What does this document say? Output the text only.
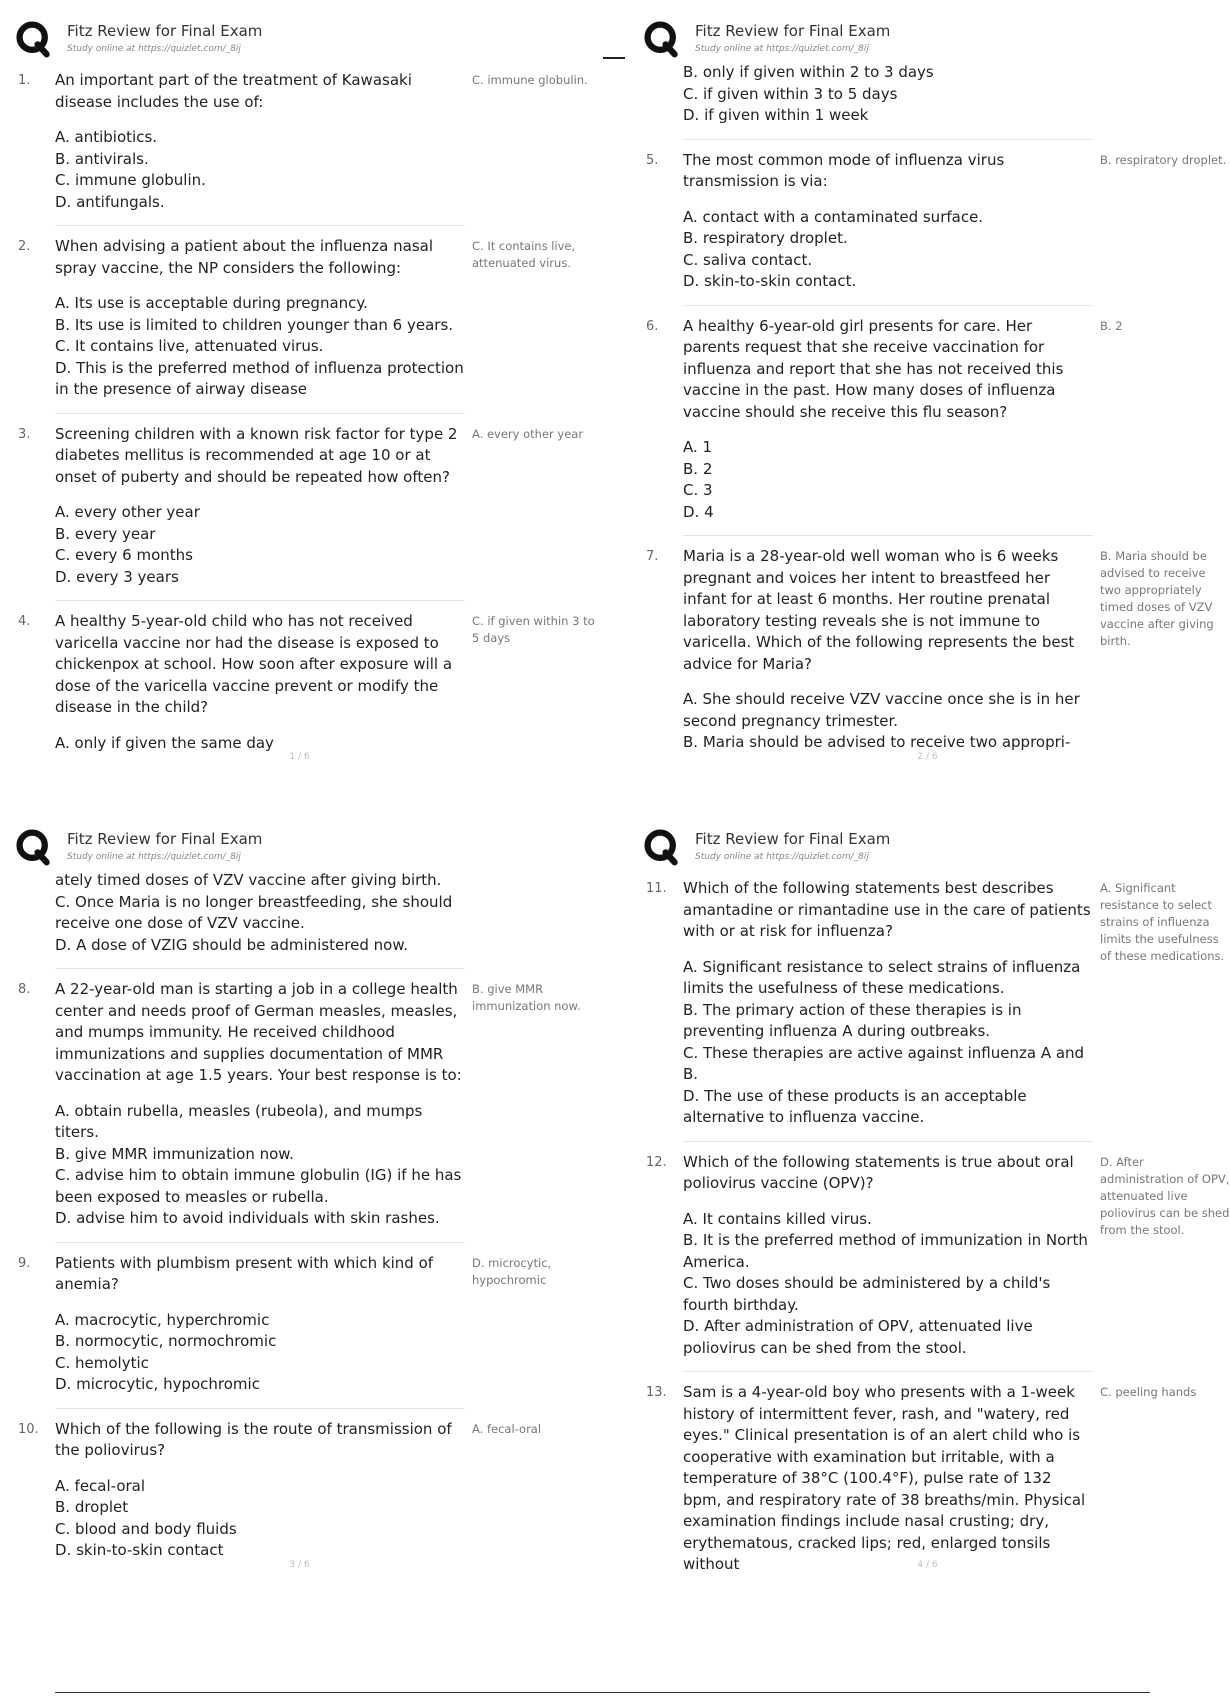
Fitz Review for Final Exam
Study online at https://quizlet.com/_8ij
1. An important part of the treatment of Kawasaki disease includes the use of:

A. antibiotics.

B. antivirals.

C. immune globulin.

D. antifungals.

C. immune globulin.
2. When advising a patient about the influenza nasal spray vaccine, the NP considers the following:

A. Its use is acceptable during pregnancy.

B. Its use is limited to children younger than 6 years.

C. It contains live, attenuated virus.

D. This is the preferred method of influenza protection in the presence of airway disease

C. It contains live, attenuated virus.
3. Screening children with a known risk factor for type 2 diabetes mellitus is recommended at age 10 or at onset of puberty and should be repeated how often?

A. every other year

B. every year

C. every 6 months

D. every 3 years

A. every other year
4. A healthy 5-year-old child who has not received varicella vaccine nor had the disease is exposed to chickenpox at school. How soon after exposure will a dose of the varicella vaccine prevent or modify the disease in the child?

A. only if given the same day

C. if given within 3 to 5 days
1 / 6
Fitz Review for Final Exam
Study online at https://quizlet.com/_8ij

B. only if given within 2 to 3 days

C. if given within 3 to 5 days

D. if given within 1 week

5. The most common mode of influenza virus transmission is via:

A. contact with a contaminated surface.

B. respiratory droplet.

C. saliva contact.

D. skin-to-skin contact.

B. respiratory droplet.
6. A healthy 6-year-old girl presents for care. Her parents request that she receive vaccination for influenza and report that she has not received this vaccine in the past. How many doses of influenza vaccine should she receive this flu season?

A. 1

B. 2

C. 3

D. 4

B. 2
7. Maria is a 28-year-old well woman who is 6 weeks pregnant and voices her intent to breastfeed her infant for at least 6 months. Her routine prenatal laboratory testing reveals she is not immune to varicella. Which of the following represents the best advice for Maria?

A. She should receive VZV vaccine once she is in her second pregnancy trimester.

B. Maria should be advised to receive two appropri-

B. Maria should be advised to receive two appropriately timed doses of VZV vaccine after giving birth.
2 / 6
Fitz Review for Final Exam
Study online at https://quizlet.com/_8ij

ately timed doses of VZV vaccine after giving birth.

C. Once Maria is no longer breastfeeding, she should receive one dose of VZV vaccine.

D. A dose of VZIG should be administered now.

8. A 22-year-old man is starting a job in a college health center and needs proof of German measles, measles, and mumps immunity. He received childhood immunizations and supplies documentation of MMR vaccination at age 1.5 years. Your best response is to:

A. obtain rubella, measles (rubeola), and mumps titers.

B. give MMR immunization now.

C. advise him to obtain immune globulin (IG) if he has been exposed to measles or rubella.

D. advise him to avoid individuals with skin rashes.

B. give MMR immunization now.
9. Patients with plumbism present with which kind of anemia?

A. macrocytic, hyperchromic

B. normocytic, normochromic

C. hemolytic

D. microcytic, hypochromic

D. microcytic, hypochromic
10. Which of the following is the route of transmission of the poliovirus?

A. fecal-oral

B. droplet

C. blood and body fluids

D. skin-to-skin contact

A. fecal-oral
3 / 6
Fitz Review for Final Exam
Study online at https://quizlet.com/_8ij
11. Which of the following statements best describes amantadine or rimantadine use in the care of patients with or at risk for influenza?

A. Significant resistance to select strains of influenza limits the usefulness of these medications.

B. The primary action of these therapies is in preventing influenza A during outbreaks.

C. These therapies are active against influenza A and B.

D. The use of these products is an acceptable alternative to influenza vaccine.

A. Significant resistance to select strains of influenza limits the usefulness of these medications.
12. Which of the following statements is true about oral poliovirus vaccine (OPV)?

A. It contains killed virus.

B. It is the preferred method of immunization in North America.

C. Two doses should be administered by a child's fourth birthday.

D. After administration of OPV, attenuated live poliovirus can be shed from the stool.

D. After administration of OPV, attenuated live poliovirus can be shed from the stool.
13. Sam is a 4-year-old boy who presents with a 1-week history of intermittent fever, rash, and "watery, red eyes." Clinical presentation is of an alert child who is cooperative with examination but irritable, with a temperature of 38°C (100.4°F), pulse rate of 132 bpm, and respiratory rate of 38 breaths/min. Physical examination findings include nasal crusting; dry, erythematous, cracked lips; red, enlarged tonsils without

C. peeling hands
4 / 6
